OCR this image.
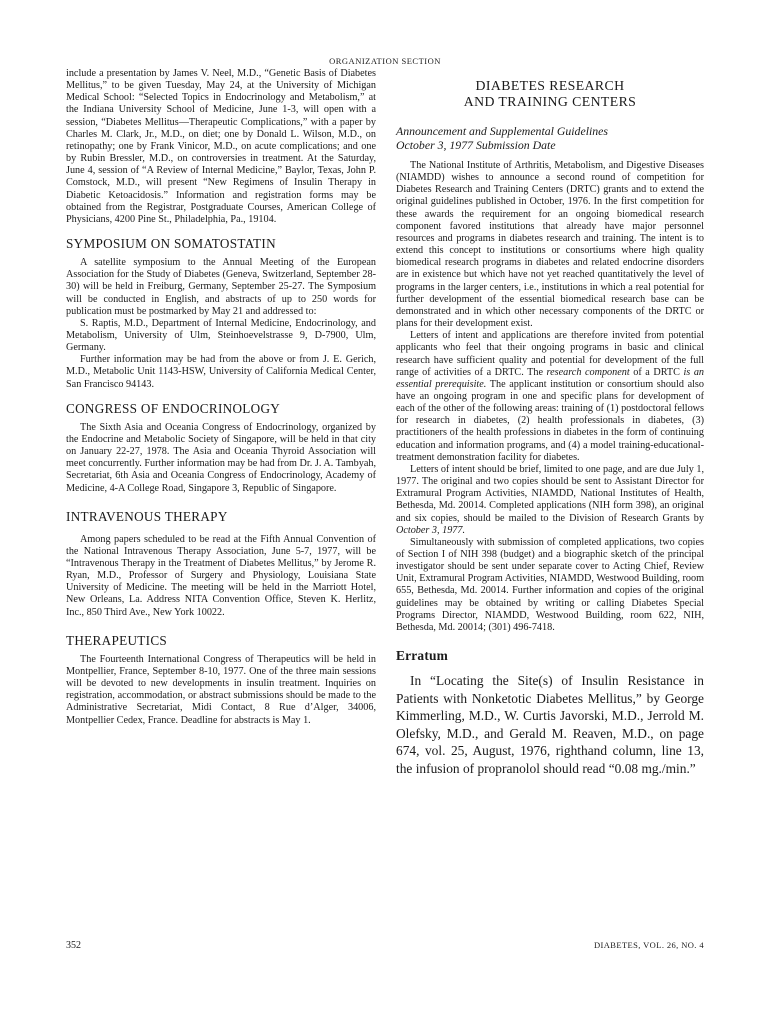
ORGANIZATION SECTION

include a presentation by James V. Neel, M.D., “Genetic Basis of Diabetes Mellitus,” to be given Tuesday, May 24, at the University of Michigan Medical School: “Selected Topics in Endocrinology and Metabolism,” at the Indiana University School of Medicine, June 1-3, will open with a session, “Diabetes Mellitus—Therapeutic Complications,” with a paper by Charles M. Clark, Jr., M.D., on diet; one by Donald L. Wilson, M.D., on retinopathy; one by Frank Vinicor, M.D., on acute complications; and one by Rubin Bressler, M.D., on controversies in treatment. At the Saturday, June 4, session of “A Review of Internal Medicine,” Baylor, Texas, John P. Comstock, M.D., will present “New Regimens of Insulin Therapy in Diabetic Ketoacidosis.” Information and registration forms may be obtained from the Registrar, Postgraduate Courses, American College of Physicians, 4200 Pine St., Philadelphia, Pa., 19104.

SYMPOSIUM ON SOMATOSTATIN

A satellite symposium to the Annual Meeting of the European Association for the Study of Diabetes (Geneva, Switzerland, September 28-30) will be held in Freiburg, Germany, September 25-27. The Symposium will be conducted in English, and abstracts of up to 250 words for publication must be postmarked by May 21 and addressed to:

S. Raptis, M.D., Department of Internal Medicine, Endocrinology, and Metabolism, University of Ulm, Steinhoevelstrasse 9, D-7900, Ulm, Germany.

Further information may be had from the above or from J. E. Gerich, M.D., Metabolic Unit 1143-HSW, University of California Medical Center, San Francisco 94143.

CONGRESS OF ENDOCRINOLOGY

The Sixth Asia and Oceania Congress of Endocrinology, organized by the Endocrine and Metabolic Society of Singapore, will be held in that city on January 22-27, 1978. The Asia and Oceania Thyroid Association will meet concurrently. Further information may be had from Dr. J. A. Tambyah, Secretariat, 6th Asia and Oceania Congress of Endocrinology, Academy of Medicine, 4-A College Road, Singapore 3, Republic of Singapore.

INTRAVENOUS THERAPY

Among papers scheduled to be read at the Fifth Annual Convention of the National Intravenous Therapy Association, June 5-7, 1977, will be “Intravenous Therapy in the Treatment of Diabetes Mellitus,” by Jerome R. Ryan, M.D., Professor of Surgery and Physiology, Louisiana State University of Medicine. The meeting will be held in the Marriott Hotel, New Orleans, La. Address NITA Convention Office, Steven K. Herlitz, Inc., 850 Third Ave., New York 10022.

THERAPEUTICS

The Fourteenth International Congress of Therapeutics will be held in Montpellier, France, September 8-10, 1977. One of the three main sessions will be devoted to new developments in insulin treatment. Inquiries on registration, accommodation, or abstract submissions should be made to the Administrative Secretariat, Midi Contact, 8 Rue d’Alger, 34006, Montpellier Cedex, France. Deadline for abstracts is May 1.

DIABETES RESEARCH
AND TRAINING CENTERS
Announcement and Supplemental Guidelines
October 3, 1977 Submission Date

The National Institute of Arthritis, Metabolism, and Digestive Diseases (NIAMDD) wishes to announce a second round of competition for Diabetes Research and Training Centers (DRTC) grants and to extend the original guidelines published in October, 1976. In the first competition for these awards the requirement for an ongoing biomedical research component favored institutions that already have major personnel resources and programs in diabetes research and training. The intent is to extend this concept to institutions or consortiums where high quality biomedical research programs in diabetes and related endocrine disorders are in existence but which have not yet reached quantitatively the level of programs in the larger centers, i.e., institutions in which a real potential for further development of the essential biomedical research base can be demonstrated and in which other necessary components of the DRTC or plans for their development exist.

Letters of intent and applications are therefore invited from potential applicants who feel that their ongoing programs in basic and clinical research have sufficient quality and potential for development of the full range of activities of a DRTC. The research component of a DRTC is an essential prerequisite. The applicant institution or consortium should also have an ongoing program in one and specific plans for development of each of the other of the following areas: training of (1) postdoctoral fellows for research in diabetes, (2) health professionals in diabetes, (3) practitioners of the health professions in diabetes in the form of continuing education and information programs, and (4) a model training-educational-treatment demonstration facility for diabetes.

Letters of intent should be brief, limited to one page, and are due July 1, 1977. The original and two copies should be sent to Assistant Director for Extramural Program Activities, NIAMDD, National Institutes of Health, Bethesda, Md. 20014. Completed applications (NIH form 398), an original and six copies, should be mailed to the Division of Research Grants by October 3, 1977.

Simultaneously with submission of completed applications, two copies of Section I of NIH 398 (budget) and a biographic sketch of the principal investigator should be sent under separate cover to Acting Chief, Review Unit, Extramural Program Activities, NIAMDD, Westwood Building, room 655, Bethesda, Md. 20014. Further information and copies of the original guidelines may be obtained by writing or calling Diabetes Special Programs Director, NIAMDD, Westwood Building, room 622, NIH, Bethesda, Md. 20014; (301) 496-7418.

Erratum

In “Locating the Site(s) of Insulin Resistance in Patients with Nonketotic Diabetes Mellitus,” by George Kimmerling, M.D., W. Curtis Javorski, M.D., Jerrold M. Olefsky, M.D., and Gerald M. Reaven, M.D., on page 674, vol. 25, August, 1976, righthand column, line 13, the infusion of propranolol should read “0.08 mg./min.”

352	DIABETES, VOL. 26, NO. 4
